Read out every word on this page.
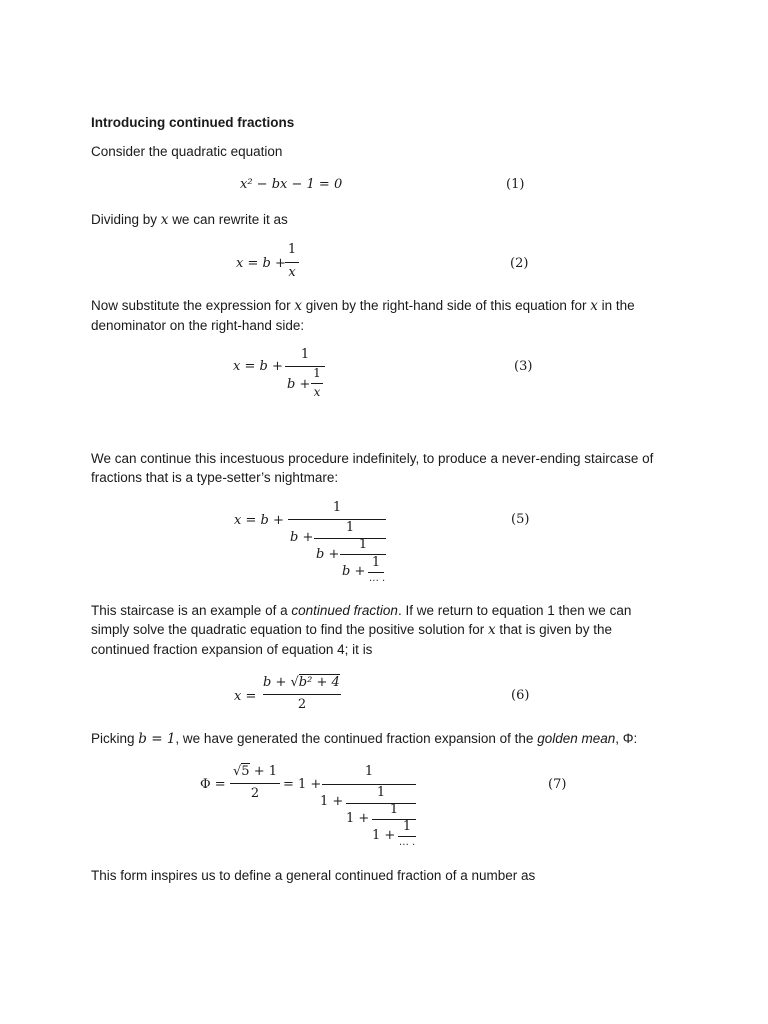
Introducing continued fractions
Consider the quadratic equation
x² − bx − 1 = 0	(1)
Dividing by x we can rewrite it as
x = b +
1
x
(2)
Now substitute the expression for x given by the right-hand side of this equation for x in the
denominator on the right-hand side:
x = b +
1
b +
1
x
(3)
We can continue this incestuous procedure indefinitely, to produce a never-ending staircase of
fractions that is a type-setter’s nightmare:
x = b +
1
b +
1
b +
1
b +
1
… .
(5)
This staircase is an example of a continued fraction. If we return to equation 1 then we can
simply solve the quadratic equation to find the positive solution for x that is given by the
continued fraction expansion of equation 4; it is
x =
b + √b² + 4
2
(6)
Picking b = 1, we have generated the continued fraction expansion of the golden mean, Φ:
Φ =
√5 + 1
2
= 1 +
1
1 +
1
1 +
1
1 +
1
… .
(7)
This form inspires us to define a general continued fraction of a number as
